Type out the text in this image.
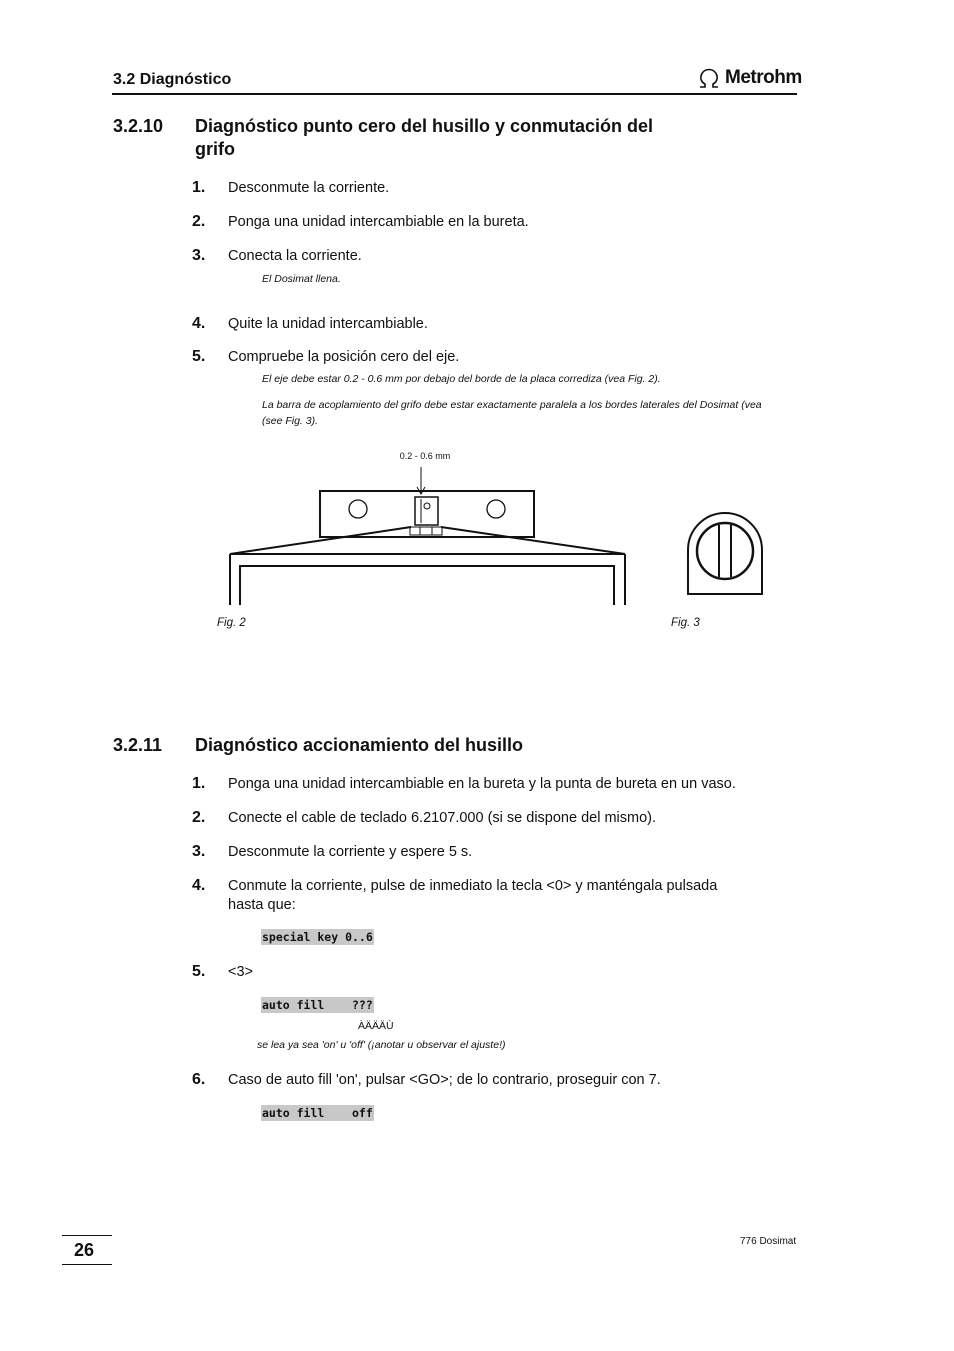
3.2 Diagnóstico	Metrohm
3.2.10 Diagnóstico punto cero del husillo y conmutación del
grifo
1. Desconmute la corriente.
2. Ponga una unidad intercambiable en la bureta.
3. Conecta la corriente.
El Dosimat llena.
4. Quite la unidad intercambiable.
5. Compruebe la posición cero del eje.
El eje debe estar 0.2 - 0.6 mm por debajo del borde de la placa corrediza (vea Fig. 2).
La barra de acoplamiento del grifo debe estar exactamente paralela a los bordes laterales del Dosimat (vea
(see Fig. 3).
0.2 - 0.6 mm
Fig. 2	Fig. 3
3.2.11 Diagnóstico accionamiento del husillo
1. Ponga una unidad intercambiable en la bureta y la punta de bureta en un vaso.
2. Conecte el cable de teclado 6.2107.000 (si se dispone del mismo).
3. Desconmute la corriente y espere 5 s.
4. Conmute la corriente, pulse de inmediato la tecla <0> y manténgala pulsada
hasta que:
special key 0..6
5. <3>
auto fill    ???
ÀÄÄÄÙ
se lea ya sea 'on' u 'off' (¡anotar u observar el ajuste!)
6. Caso de auto fill 'on', pulsar <GO>; de lo contrario, proseguir con 7.
auto fill    off
26	776 Dosimat
